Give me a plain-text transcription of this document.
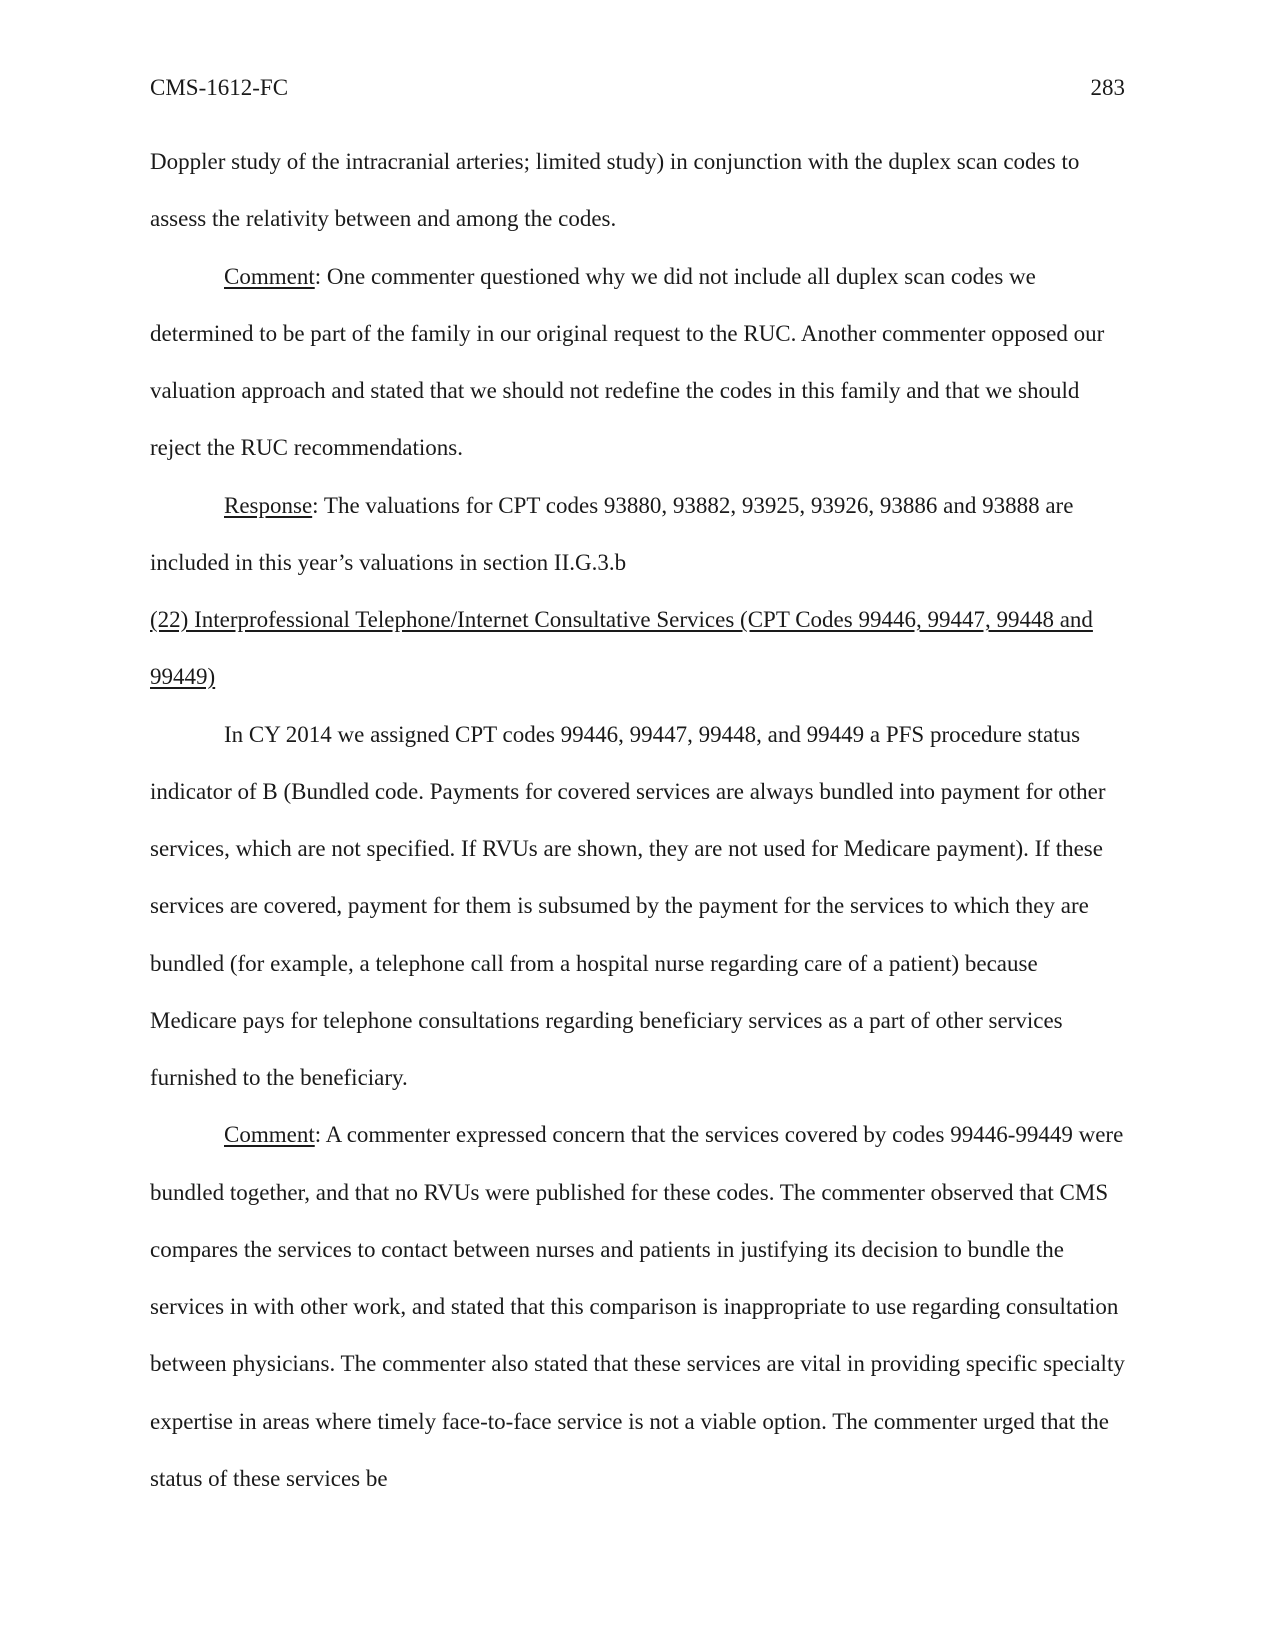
CMS-1612-FC	283

Doppler study of the intracranial arteries; limited study) in conjunction with the duplex scan codes to assess the relativity between and among the codes.

Comment: One commenter questioned why we did not include all duplex scan codes we determined to be part of the family in our original request to the RUC. Another commenter opposed our valuation approach and stated that we should not redefine the codes in this family and that we should reject the RUC recommendations.

Response: The valuations for CPT codes 93880, 93882, 93925, 93926, 93886 and 93888 are included in this year’s valuations in section II.G.3.b

(22) Interprofessional Telephone/Internet Consultative Services (CPT Codes 99446, 99447, 99448 and 99449)

In CY 2014 we assigned CPT codes 99446, 99447, 99448, and 99449 a PFS procedure status indicator of B (Bundled code. Payments for covered services are always bundled into payment for other services, which are not specified. If RVUs are shown, they are not used for Medicare payment). If these services are covered, payment for them is subsumed by the payment for the services to which they are bundled (for example, a telephone call from a hospital nurse regarding care of a patient) because Medicare pays for telephone consultations regarding beneficiary services as a part of other services furnished to the beneficiary.

Comment: A commenter expressed concern that the services covered by codes 99446-99449 were bundled together, and that no RVUs were published for these codes. The commenter observed that CMS compares the services to contact between nurses and patients in justifying its decision to bundle the services in with other work, and stated that this comparison is inappropriate to use regarding consultation between physicians. The commenter also stated that these services are vital in providing specific specialty expertise in areas where timely face-to-face service is not a viable option. The commenter urged that the status of these services be
